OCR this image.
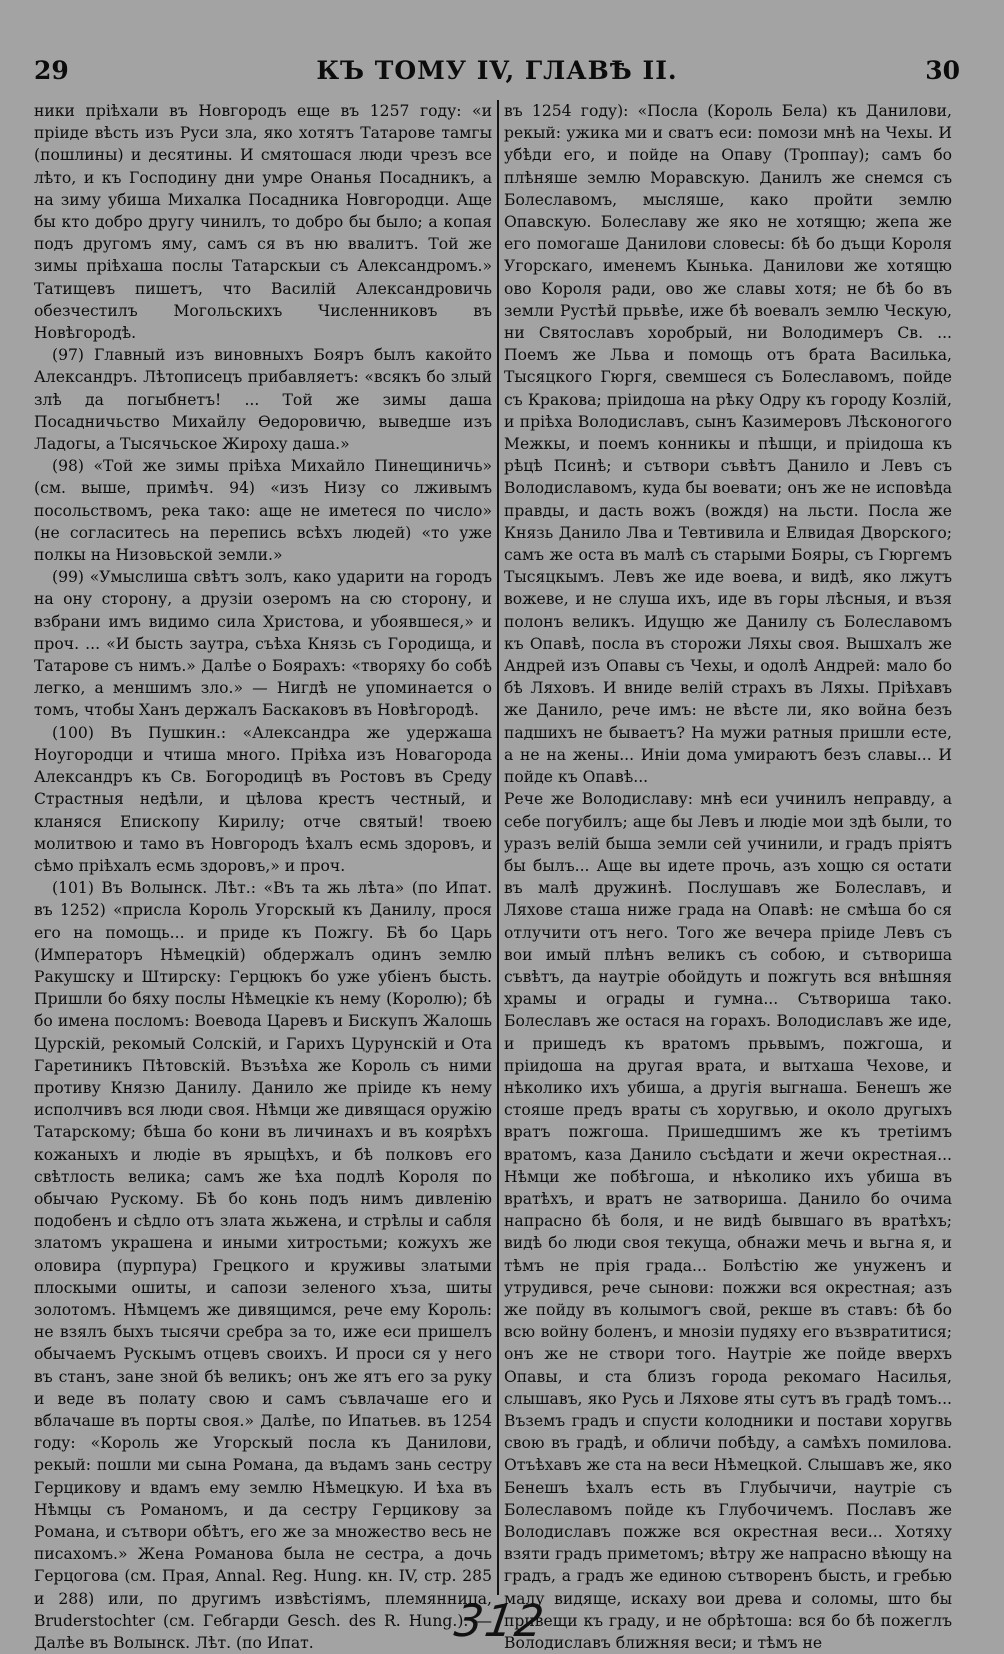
29	КЪ ТОМУ IV, ГЛАВѢ II.	30

ники пріѣхали въ Новгородъ еще въ 1257 году: «и пріиде вѣсть изъ Руси зла, яко хотятъ Татарове тамгы (пошлины) и десятины. И смятошася люди чрезъ все лѣто, и къ Господину дни умре Онанья Посадникъ, а на зиму убиша Михалка Посадника Новгородци. Аще бы кто добро другу чинилъ, то добро бы было; а копая подъ другомъ яму, самъ ся въ ню ввалитъ. Той же зимы пріѣхаша послы Татарскыи съ Александромъ.» Татищевъ пишетъ, что Василій Александровичь обезчестилъ Могольскихъ Численниковъ въ Новѣгородѣ.

(97) Главный изъ виновныхъ Бояръ былъ какойто Александръ. Лѣтописецъ прибавляетъ: «всякъ бо злый злѣ да погыбнетъ! ... Той же зимы даша Посадничьство Михайлу Ѳедоровичю, выведше изъ Ладогы, а Тысячьское Жироху даша.»

(98) «Той же зимы пріѣха Михайло Пинещиничь» (см. выше, примѣч. 94) «изъ Низу со лживымъ посольствомъ, река тако: аще не иметеся по число» (не согласитесь на перепись всѣхъ людей) «то уже полкы на Низовьской земли.»

(99) «Умыслиша свѣтъ золъ, како ударити на городъ на ону сторону, а друзіи озеромъ на сю сторону, и взбрани имъ видимо сила Христова, и убоявшеся,» и проч. ... «И бысть заутра, съѣха Князь съ Городища, и Татарове съ нимъ.» Далѣе о Боярахъ: «творяху бо собѣ легко, а меншимъ зло.» — Нигдѣ не упоминается о томъ, чтобы Ханъ держалъ Баскаковъ въ Новѣгородѣ.

(100) Въ Пушкин.: «Александра же удержаша Ноугородци и чтиша много. Пріѣха изъ Новагорода Александръ къ Св. Богородицѣ въ Ростовъ въ Среду Страстныя недѣли, и цѣлова крестъ честный, и кланяся Епископу Кирилу; отче святый! твоею молитвою и тамо въ Новгородъ ѣхалъ есмь здоровъ, и сѣмо пріѣхалъ есмь здоровъ,» и проч.

(101) Въ Волынск. Лѣт.: «Въ та жь лѣта» (по Ипат. въ 1252) «присла Король Угорскый къ Данилу, прося его на помощь... и приде къ Пожгу. Бѣ бо Царь (Императоръ Нѣмецкій) обдержалъ одинъ землю Ракушску и Штирску: Герцюкъ бо уже убіенъ бысть. Пришли бо бяху послы Нѣмецкіе къ нему (Королю); бѣ бо имена посломъ: Воевода Царевъ и Бискупъ Жалошь Цурскій, рекомый Солскій, и Гарихъ Цурунскій и Ота Гаретиникъ Пѣтовскій. Възъѣха же Король съ ними противу Князю Данилу. Данило же пріиде къ нему исполчивъ вся люди своя. Нѣмци же дивящася оружію Татарскому; бѣша бо кони въ личинахъ и въ коярѣхъ кожаныхъ и людіе въ ярыцѣхъ, и бѣ полковъ его свѣтлость велика; самъ же ѣха подлѣ Короля по обычаю Рускому. Бѣ бо конь подъ нимъ дивленію подобенъ и сѣдло отъ злата жьжена, и стрѣлы и сабля златомъ украшена и иными хитростьми; кожухъ же оловира (пурпура) Грецкого и круживы златыми плоскыми ошиты, и сапози зеленого хъза, шиты золотомъ. Нѣмцемъ же дивящимся, рече ему Король: не взялъ быхъ тысячи сребра за то, иже еси пришелъ обычаемъ Рускымъ отцевъ своихъ. И проси ся у него въ станъ, зане зной бѣ великъ; онъ же ятъ его за руку и веде въ полату свою и самъ съвлачаше его и вблачаше въ порты своя.» Далѣе, по Ипатьев. въ 1254 году: «Король же Угорскый посла къ Данилови, рекый: пошли ми сына Романа, да въдамъ зань сестру Герцикову и вдамъ ему землю Нѣмецкую. И ѣха въ Нѣмцы съ Романомъ, и да сестру Герцикову за Романа, и сътвори обѣтъ, его же за множество весь не писахомъ.» Жена Романова была не сестра, а дочь Герцогова (см. Прая, Annal. Reg. Hung. кн. IV, стр. 285 и 288) или, по другимъ извѣстіямъ, племянница, Bruderstochter (см. Гебгарди Gesch. des R. Hung.). — Далѣе въ Волынск. Лѣт. (по Ипат.

въ 1254 году): «Посла (Король Бела) къ Данилови, рекый: ужика ми и сватъ еси: помози мнѣ на Чехы. И убѣди его, и пойде на Опаву (Троппау); самъ бо плѣняше землю Моравскую. Данилъ же снемся съ Болеславомъ, мысляше, како пройти землю Опавскую. Болеславу же яко не хотящю; жепа же его помогаше Данилови словесы: бѣ бо дъщи Короля Угорскаго, именемъ Кынька. Данилови же хотящю ово Короля ради, ово же славы хотя; не бѣ бо въ земли Рустѣй прьвѣе, иже бѣ воевалъ землю Ческую, ни Святославъ хоробрый, ни Володимеръ Св. ... Поемъ же Льва и помощь отъ брата Василька, Тысяцкого Гюргя, свемшеся съ Болеславомъ, пойде съ Кракова; пріидоша на рѣку Одру къ городу Козлій, и пріѣха Володиславъ, сынъ Казимеровъ Лѣсконогого Межкы, и поемъ конникы и пѣшци, и пріидоша къ рѣцѣ Псинѣ; и сътвори съвѣтъ Данило и Левъ съ Володиславомъ, куда бы воевати; онъ же не исповѣда правды, и дасть вожъ (вождя) на льсти. Посла же Князь Данило Лва и Тевтивила и Елвидая Дворского; самъ же оста въ малѣ съ старыми Бояры, съ Гюргемъ Тысяцкымъ. Левъ же иде воева, и видѣ, яко лжутъ вожеве, и не слуша ихъ, иде въ горы лѣсныя, и възя полонъ великъ. Идущю же Данилу съ Болеславомъ къ Опавѣ, посла въ сторожи Ляхы своя. Вышхалъ же Андрей изъ Опавы съ Чехы, и одолѣ Андрей: мало бо бѣ Ляховъ. И вниде велій страхъ въ Ляхы. Пріѣхавъ же Данило, рече имъ: не вѣсте ли, яко война безъ падшихъ не бываетъ? На мужи ратныя пришли есте, а не на жены... Иніи дома умираютъ безъ славы... И пойде къ Опавѣ...

Рече же Володиславу: мнѣ еси учинилъ неправду, а себе погубилъ; аще бы Левъ и людіе мои здѣ были, то уразъ велій быша земли сей учинили, и градъ пріятъ бы былъ... Аще вы идете прочь, азъ хощю ся остати въ малѣ дружинѣ. Послушавъ же Болеславъ, и Ляхове сташа ниже града на Опавѣ: не смѣша бо ся отлучити отъ него. Того же вечера пріиде Левъ съ вои имый плѣнъ великъ съ собою, и сътвориша съвѣтъ, да наутріе обойдуть и пожгуть вся внѣшняя храмы и ограды и гумна... Сътвориша тако. Болеславъ же остася на горахъ. Володиславъ же иде, и пришедъ къ вратомъ прьвымъ, пожгоша, и пріидоша на другая врата, и вытхаша Чехове, и нѣколико ихъ убиша, а другія выгнаша. Бенешъ же стояше предъ враты съ хоругвью, и около другыхъ вратъ пожгоша. Пришедшимъ же къ третіимъ вратомъ, каза Данило съсѣдати и жечи окрестная... Нѣмци же побѣгоша, и нѣколико ихъ убиша въ вратѣхъ, и вратъ не затвориша. Данило бо очима напрасно бѣ боля, и не видѣ бывшаго въ вратѣхъ; видѣ бо люди своя текуща, обнажи мечь и вьгна я, и тѣмъ не прія града... Болѣстію же унуженъ и утрудився, рече сынови: пожжи вся окрестная; азъ же пойду въ колымогъ свой, рекше въ ставъ: бѣ бо всю войну боленъ, и мнозіи пудяху его възвратитися; онъ же не створи того. Наутріе же пойде вверхъ Опавы, и ста близъ города рекомаго Насилья, слышавъ, яко Русь и Ляхове яты сутъ въ градѣ томъ... Въземъ градъ и спусти колодники и постави хоругвь свою въ градѣ, и обличи побѣду, а самѣхъ помилова. Отъѣхавъ же ста на веси Нѣмецкой. Слышавъ же, яко Бенешъ ѣхалъ есть въ Глубычичи, наутріе съ Болеславомъ пойде къ Глубочичемъ. Пославъ же Володиславъ пожже вся окрестная веси... Хотяху взяти градъ приметомъ; вѣтру же напрасно вѣющу на градъ, а градъ же единою сътворенъ бысть, и гребью малу видяще, искаху вои древа и соломы, што бы привещи къ граду, и не обрѣтоша: вся бо бѣ пожеглъ Володиславъ ближняя веси; и тѣмъ не

312
